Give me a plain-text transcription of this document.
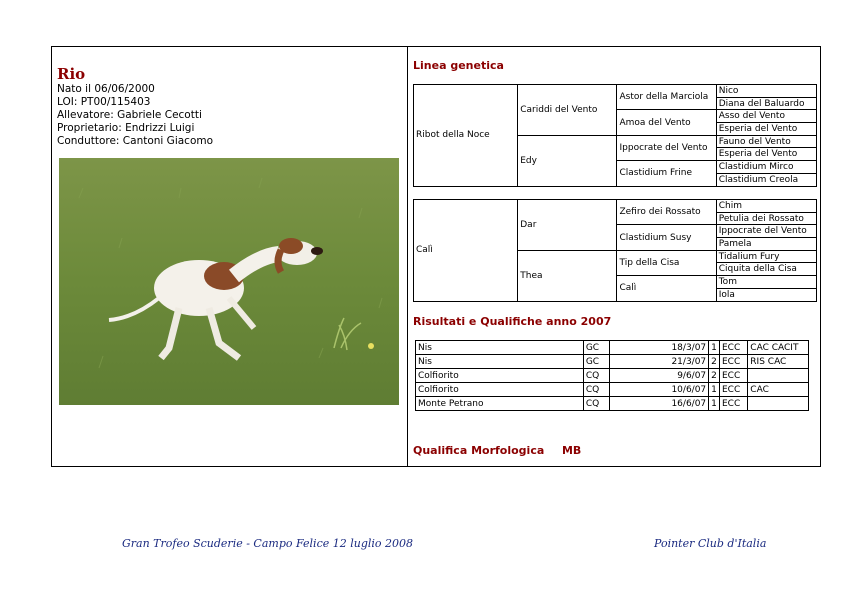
Rio
Nato il 06/06/2000
LOI: PT00/115403
Allevatore: Gabriele Cecotti
Proprietario: Endrizzi Luigi
Conduttore: Cantoni Giacomo
Linea genetica
Ribot della Noce	Cariddi del Vento	Astor della Marciola	Nico
			Diana del Baluardo
		Amoa del Vento	Asso del Vento
			Esperia del Vento
	Edy	Ippocrate del Vento	Fauno del Vento
			Esperia del Vento
		Clastidium Frine	Clastidium Mirco
			Clastidium Creola
Calì	Dar	Zefiro dei Rossato	Chim
			Petulia dei Rossato
		Clastidium Susy	Ippocrate del Vento
			Pamela
	Thea	Tip della Cisa	Tidalium Fury
			Ciquita della Cisa
		Calì	Tom
			Iola
Risultati e Qualifiche anno 2007
Nis	GC	18/3/07	1	ECC	CAC CACIT
Nis	GC	21/3/07	2	ECC	RIS CAC
Colfiorito	CQ	9/6/07	2	ECC	
Colfiorito	CQ	10/6/07	1	ECC	CAC
Monte Petrano	CQ	16/6/07	1	ECC	
Qualifica Morfologica MB
Gran Trofeo Scuderie - Campo Felice 12 luglio 2008	Pointer Club d'Italia
